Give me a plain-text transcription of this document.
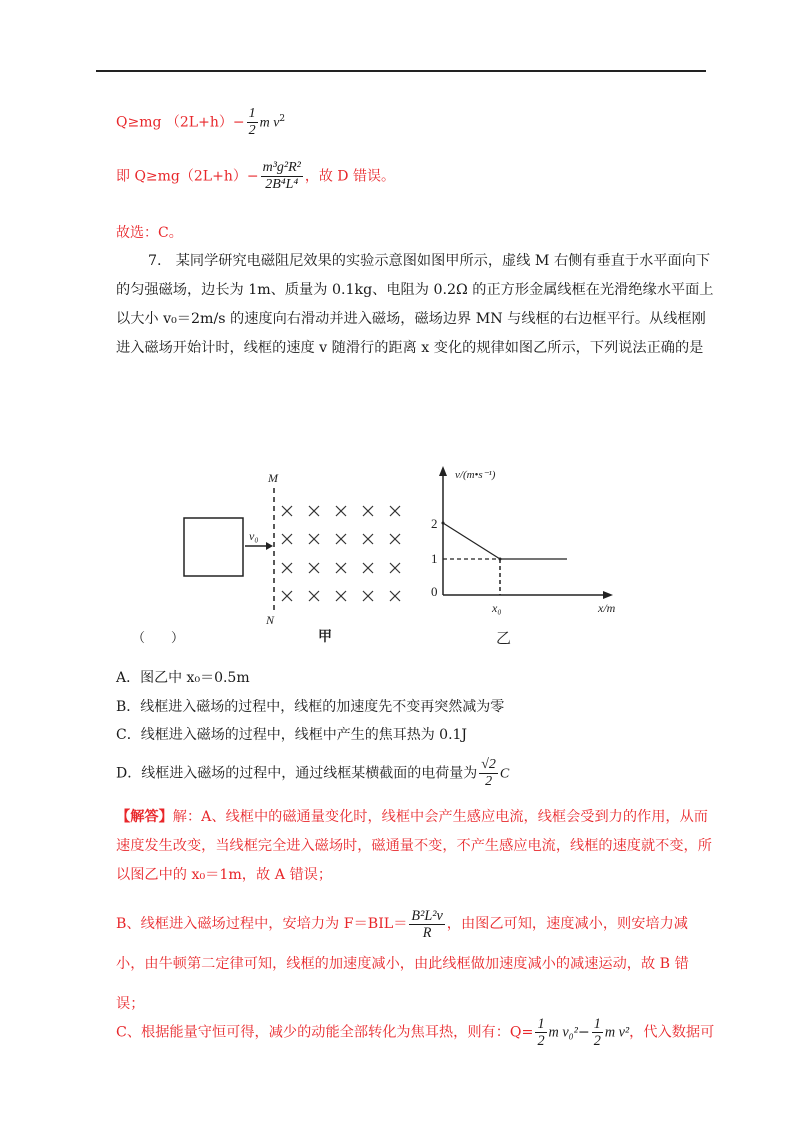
Q≥mg $(2L+h)- \frac{1}{2}$ m $v^2$
即 $Q\ge mg(2L+h)- \frac{\text{m³g²R²}}{\text{2B⁴L⁴}}$ ，故 D 错误。
故选：C。
7.　某同学研究电磁阻尼效果的实验示意图如图甲所示，虚线 M 右侧有垂直于水平面向下的匀强磁场，边长为 1m、质量为 0.1kg、电阻为 0.2Ω 的正方形金属线框在光滑绝缘水平面上以大小 v₀＝2m/s 的速度向右滑动并进入磁场，磁场边界 MN 与线框的右边框平行。从线框刚进入磁场开始计时，线框的速度 v 随滑行的距离 x 变化的规律如图乙所示，下列说法正确的是
v₀
M
N
（　　）	甲
v/(m•s⁻¹)
x/m
2
1
0
x₀
乙
A．图乙中 x₀＝0.5m
B．线框进入磁场的过程中，线框的加速度先不变再突然减为零
C．线框进入磁场的过程中，线框中产生的焦耳热为 0.1J
D．线框进入磁场的过程中，通过线框某横截面的电荷量为 $\frac{√2}{2}$ C
【解答】解：A、线框中的磁通量变化时，线框中会产生感应电流，线框会受到力的作用，从而速度发生改变，当线框完全进入磁场时，磁通量不变，不产生感应电流，线框的速度就不变，所以图乙中的 x₀＝1m，故 A 错误；
B、线框进入磁场过程中，安培力为 $F=BIL= \frac{\text{B²L²v}}{R}$ ，由图乙可知，速度减小，则安培力减小，由牛顿第二定律可知，线框的加速度减小，由此线框做加速度减小的减速运动，故 B 错误；
C、根据能量守恒可得，减少的动能全部转化为焦耳热，则有：$Q= \frac{1}{2}$ m $v_0^2- \frac{1}{2}$ m v²，代入数据可
